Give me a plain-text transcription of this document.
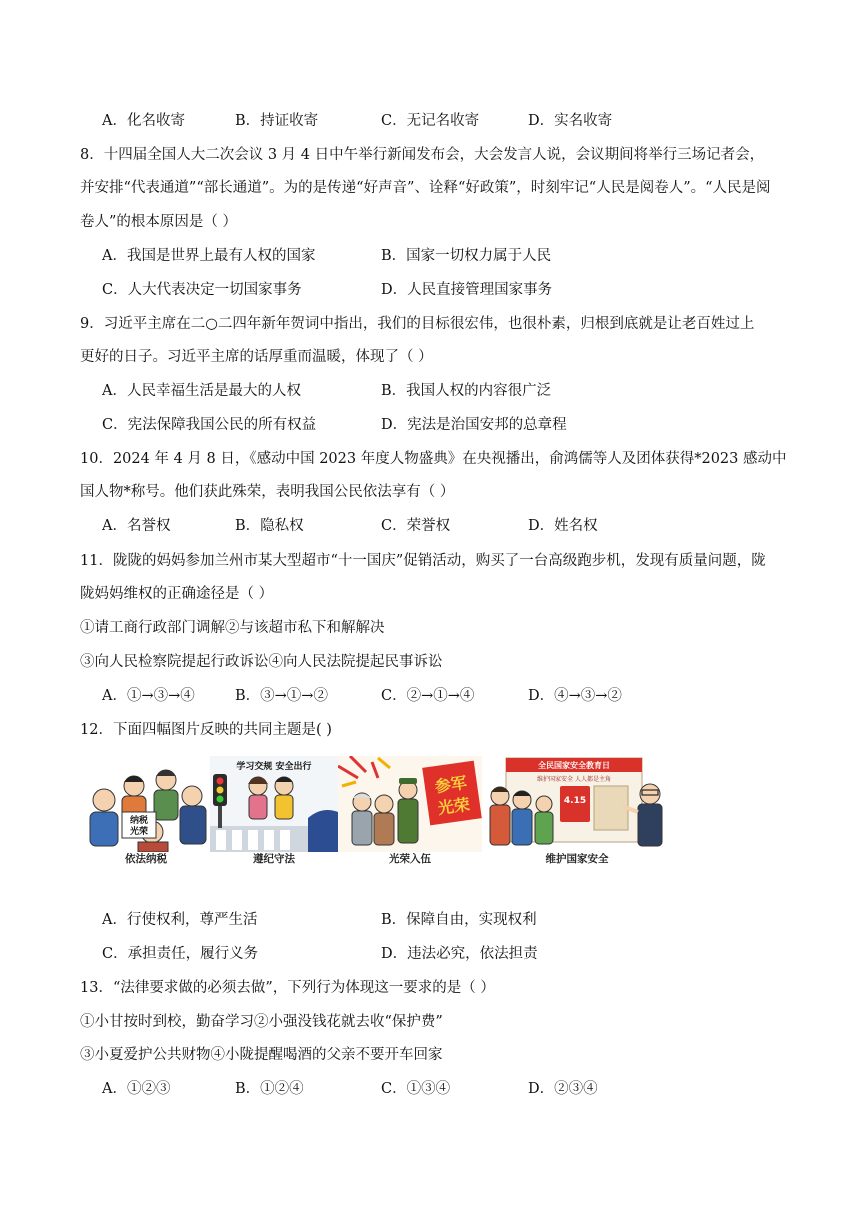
A．化名收寄	B．持证收寄	C．无记名收寄	D．实名收寄
8．十四届全国人大二次会议 3 月 4 日中午举行新闻发布会，大会发言人说，会议期间将举行三场记者会，
并安排“代表通道”“部长通道”。为的是传递“好声音”、诠释“好政策”，时刻牢记“人民是阅卷人”。“人民是阅
卷人”的根本原因是（ ）
A．我国是世界上最有人权的国家	B．国家一切权力属于人民
C．人大代表决定一切国家事务	D．人民直接管理国家事务
9．习近平主席在二○二四年新年贺词中指出，我们的目标很宏伟，也很朴素，归根到底就是让老百姓过上
更好的日子。习近平主席的话厚重而温暖，体现了（ ）
A．人民幸福生活是最大的人权	B．我国人权的内容很广泛
C．宪法保障我国公民的所有权益	D．宪法是治国安邦的总章程
10．2024 年 4 月 8 日，《感动中国 2023 年度人物盛典》在央视播出，俞鸿儒等人及团体获得*2023 感动中
国人物*称号。他们获此殊荣，表明我国公民依法享有（ ）
A．名誉权	B．隐私权	C．荣誉权	D．姓名权
11．陇陇的妈妈参加兰州市某大型超市“十一国庆”促销活动，购买了一台高级跑步机，发现有质量问题，陇
陇妈妈维权的正确途径是（ ）
①请工商行政部门调解②与该超市私下和解解决
③向人民检察院提起行政诉讼④向人民法院提起民事诉讼
A．①→③→④	B．③→①→②	C．②→①→④	D．④→③→②
12．下面四幅图片反映的共同主题是( )
纳税
光荣
依法纳税
学习交规 安全出行
遵纪守法
参军
光荣
光荣入伍
全民国家安全教育日
维护国家安全 人人都是主角
4.15
维护国家安全
A．行使权利，尊严生活	B．保障自由，实现权利
C．承担责任，履行义务	D．违法必究，依法担责
13．“法律要求做的必须去做”，下列行为体现这一要求的是（ ）
①小甘按时到校，勤奋学习②小强没钱花就去收“保护费”
③小夏爱护公共财物④小陇提醒喝酒的父亲不要开车回家
A．①②③	B．①②④	C．①③④	D．②③④
